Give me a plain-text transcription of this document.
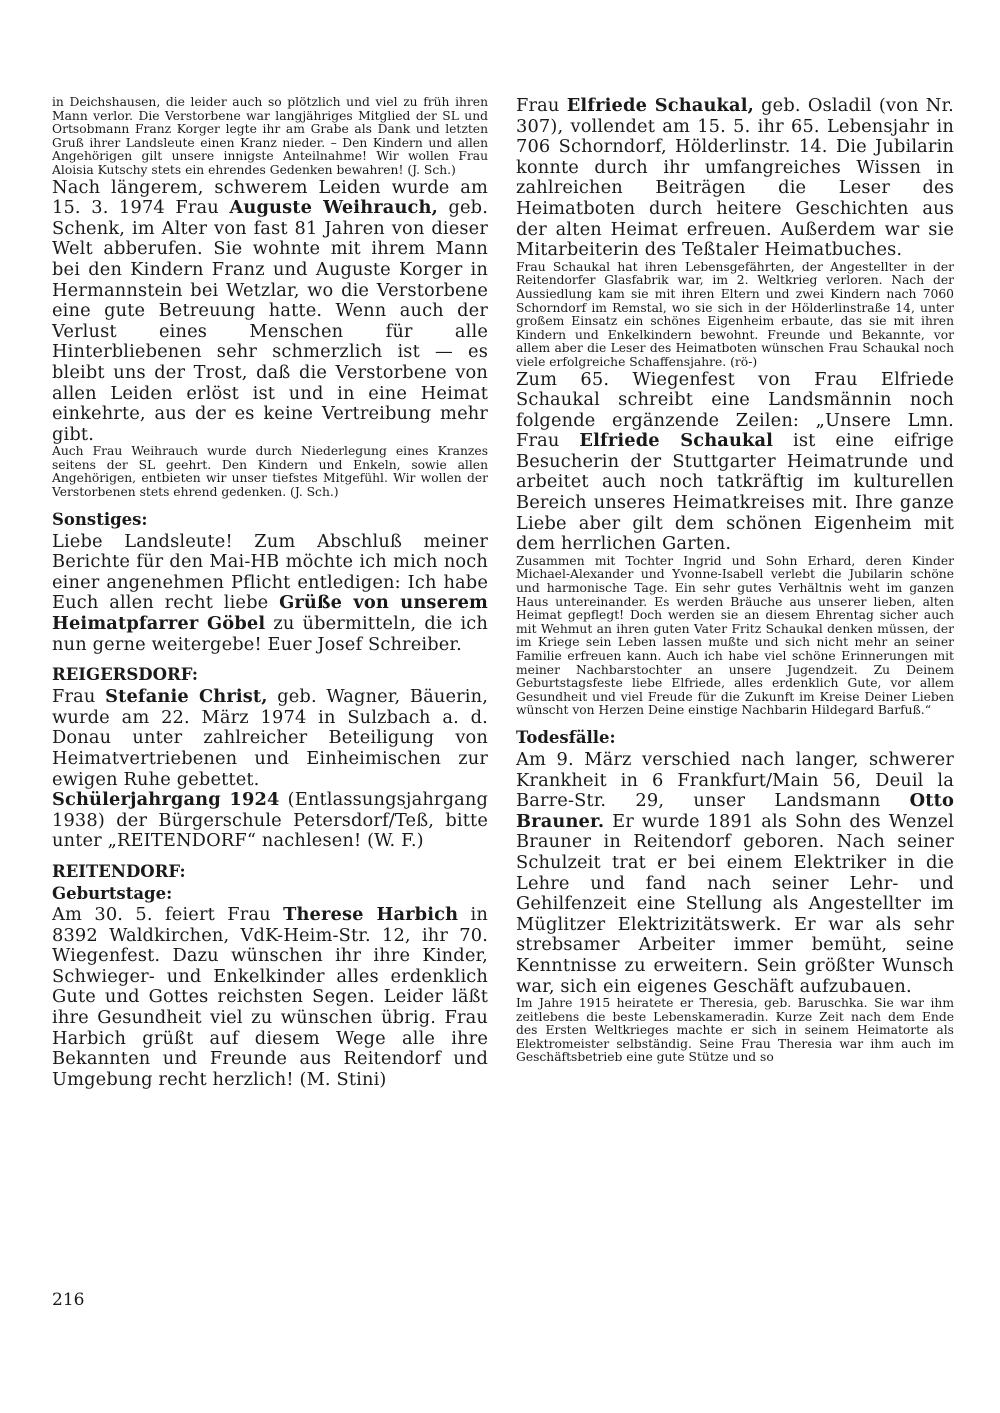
in Deichshausen, die leider auch so plötzlich und viel zu früh ihren Mann verlor. Die Verstorbene war langjähriges Mitglied der SL und Ortsobmann Franz Korger legte ihr am Grabe als Dank und letzten Gruß ihrer Landsleute einen Kranz nieder. – Den Kindern und allen Angehörigen gilt unsere innigste Anteilnahme! Wir wollen Frau Aloisia Kutschy stets ein ehrendes Gedenken bewahren! (J. Sch.)

Nach längerem, schwerem Leiden wurde am 15. 3. 1974 Frau Auguste Weihrauch, geb. Schenk, im Alter von fast 81 Jahren von dieser Welt abberufen. Sie wohnte mit ihrem Mann bei den Kindern Franz und Auguste Korger in Hermannstein bei Wetzlar, wo die Verstorbene eine gute Betreuung hatte. Wenn auch der Verlust eines Menschen für alle Hinterbliebenen sehr schmerzlich ist — es bleibt uns der Trost, daß die Verstorbene von allen Leiden erlöst ist und in eine Heimat einkehrte, aus der es keine Vertreibung mehr gibt.

Auch Frau Weihrauch wurde durch Niederlegung eines Kranzes seitens der SL geehrt. Den Kindern und Enkeln, sowie allen Angehörigen, entbieten wir unser tiefstes Mitgefühl. Wir wollen der Verstorbenen stets ehrend gedenken. (J. Sch.)

Sonstiges:

Liebe Landsleute! Zum Abschluß meiner Berichte für den Mai-HB möchte ich mich noch einer angenehmen Pflicht entledigen: Ich habe Euch allen recht liebe Grüße von unserem Heimatpfarrer Göbel zu übermitteln, die ich nun gerne weitergebe! Euer Josef Schreiber.

REIGERSDORF:

Frau Stefanie Christ, geb. Wagner, Bäuerin, wurde am 22. März 1974 in Sulzbach a. d. Donau unter zahlreicher Beteiligung von Heimatvertriebenen und Einheimischen zur ewigen Ruhe gebettet.

Schülerjahrgang 1924 (Entlassungsjahrgang 1938) der Bürgerschule Petersdorf/Teß, bitte unter „REITENDORF“ nachlesen! (W. F.)

REITENDORF:
Geburtstage:

Am 30. 5. feiert Frau Therese Harbich in 8392 Waldkirchen, VdK-Heim-Str. 12, ihr 70. Wiegenfest. Dazu wünschen ihr ihre Kinder, Schwieger- und Enkelkinder alles erdenklich Gute und Gottes reichsten Segen. Leider läßt ihre Gesundheit viel zu wünschen übrig. Frau Harbich grüßt auf diesem Wege alle ihre Bekannten und Freunde aus Reitendorf und Umgebung recht herzlich! (M. Stini)

Frau Elfriede Schaukal, geb. Osladil (von Nr. 307), vollendet am 15. 5. ihr 65. Lebensjahr in 706 Schorndorf, Hölderlinstr. 14. Die Jubilarin konnte durch ihr umfangreiches Wissen in zahlreichen Beiträgen die Leser des Heimatboten durch heitere Geschichten aus der alten Heimat erfreuen. Außerdem war sie Mitarbeiterin des Teßtaler Heimatbuches.

Frau Schaukal hat ihren Lebensgefährten, der Angestellter in der Reitendorfer Glasfabrik war, im 2. Weltkrieg verloren. Nach der Aussiedlung kam sie mit ihren Eltern und zwei Kindern nach 7060 Schorndorf im Remstal, wo sie sich in der Hölderlinstraße 14, unter großem Einsatz ein schönes Eigenheim erbaute, das sie mit ihren Kindern und Enkelkindern bewohnt. Freunde und Bekannte, vor allem aber die Leser des Heimatboten wünschen Frau Schaukal noch viele erfolgreiche Schaffensjahre. (rö-)

Zum 65. Wiegenfest von Frau Elfriede Schaukal schreibt eine Landsmännin noch folgende ergänzende Zeilen: „Unsere Lmn. Frau Elfriede Schaukal ist eine eifrige Besucherin der Stuttgarter Heimatrunde und arbeitet auch noch tatkräftig im kulturellen Bereich unseres Heimatkreises mit. Ihre ganze Liebe aber gilt dem schönen Eigenheim mit dem herrlichen Garten.

Zusammen mit Tochter Ingrid und Sohn Erhard, deren Kinder Michael-Alexander und Yvonne-Isabell verlebt die Jubilarin schöne und harmonische Tage. Ein sehr gutes Verhältnis weht im ganzen Haus untereinander. Es werden Bräuche aus unserer lieben, alten Heimat gepflegt! Doch werden sie an diesem Ehrentag sicher auch mit Wehmut an ihren guten Vater Fritz Schaukal denken müssen, der im Kriege sein Leben lassen mußte und sich nicht mehr an seiner Familie erfreuen kann. Auch ich habe viel schöne Erinnerungen mit meiner Nachbarstochter an unsere Jugendzeit. Zu Deinem Geburtstagsfeste liebe Elfriede, alles erdenklich Gute, vor allem Gesundheit und viel Freude für die Zukunft im Kreise Deiner Lieben wünscht von Herzen Deine einstige Nachbarin Hildegard Barfuß.“

Todesfälle:

Am 9. März verschied nach langer, schwerer Krankheit in 6 Frankfurt/Main 56, Deuil la Barre-Str. 29, unser Landsmann Otto Brauner. Er wurde 1891 als Sohn des Wenzel Brauner in Reitendorf geboren. Nach seiner Schulzeit trat er bei einem Elektriker in die Lehre und fand nach seiner Lehr- und Gehilfenzeit eine Stellung als Angestellter im Müglitzer Elektrizitätswerk. Er war als sehr strebsamer Arbeiter immer bemüht, seine Kenntnisse zu erweitern. Sein größter Wunsch war, sich ein eigenes Geschäft aufzubauen.

Im Jahre 1915 heiratete er Theresia, geb. Baruschka. Sie war ihm zeitlebens die beste Lebenskameradin. Kurze Zeit nach dem Ende des Ersten Weltkrieges machte er sich in seinem Heimatorte als Elektromeister selbständig. Seine Frau Theresia war ihm auch im Geschäftsbetrieb eine gute Stütze und so

216
